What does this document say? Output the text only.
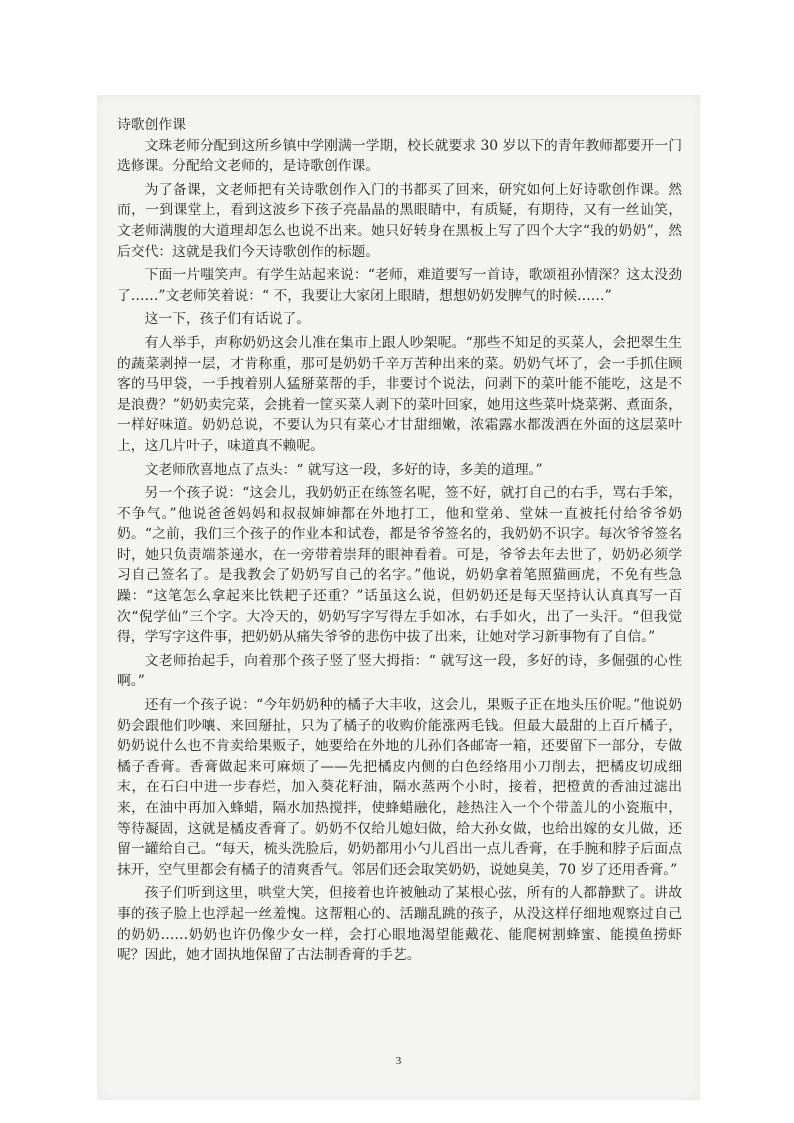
诗歌创作课

文珠老师分配到这所乡镇中学刚满一学期，校长就要求 30 岁以下的青年教师都要开一门选修课。分配给文老师的，是诗歌创作课。

为了备课，文老师把有关诗歌创作入门的书都买了回来，研究如何上好诗歌创作课。然而，一到课堂上，看到这波乡下孩子亮晶晶的黑眼睛中，有质疑，有期待，又有一丝讪笑，文老师满腹的大道理却怎么也说不出来。她只好转身在黑板上写了四个大字“我的奶奶”，然后交代：这就是我们今天诗歌创作的标题。

下面一片嗤笑声。有学生站起来说：“老师，难道要写一首诗，歌颂祖孙情深？这太没劲了……”文老师笑着说：“ 不，我要让大家闭上眼睛，想想奶奶发脾气的时候……”

这一下，孩子们有话说了。

有人举手，声称奶奶这会儿准在集市上跟人吵架呢。“那些不知足的买菜人，会把翠生生的蔬菜剥掉一层，才肯称重，那可是奶奶千辛万苦种出来的菜。奶奶气坏了，会一手抓住顾客的马甲袋，一手拽着别人猛掰菜帮的手，非要讨个说法，问剥下的菜叶能不能吃，这是不是浪费？”奶奶卖完菜，会挑着一筐买菜人剥下的菜叶回家，她用这些菜叶烧菜粥、煮面条，一样好味道。奶奶总说，不要认为只有菜心才甘甜细嫩，浓霜露水都泼洒在外面的这层菜叶上，这几片叶子，味道真不赖呢。

文老师欣喜地点了点头：“ 就写这一段，多好的诗，多美的道理。”

另一个孩子说：“这会儿，我奶奶正在练签名呢，签不好，就打自己的右手，骂右手笨，不争气。”他说爸爸妈妈和叔叔婶婶都在外地打工，他和堂弟、堂妹一直被托付给爷爷奶奶。“之前，我们三个孩子的作业本和试卷，都是爷爷签名的，我奶奶不识字。每次爷爷签名时，她只负责端茶递水，在一旁带着崇拜的眼神看着。可是，爷爷去年去世了，奶奶必须学习自己签名了。是我教会了奶奶写自己的名字。”他说，奶奶拿着笔照猫画虎，不免有些急躁：“这笔怎么拿起来比铁耙子还重？”话虽这么说，但奶奶还是每天坚持认认真真写一百次“倪学仙”三个字。大冷天的，奶奶写字写得左手如冰，右手如火，出了一头汗。“但我觉得，学写字这件事，把奶奶从痛失爷爷的悲伤中拔了出来，让她对学习新事物有了自信。”

文老师抬起手，向着那个孩子竖了竖大拇指：“ 就写这一段，多好的诗，多倔强的心性啊。”

还有一个孩子说：“今年奶奶种的橘子大丰收，这会儿，果贩子正在地头压价呢。”他说奶奶会跟他们吵嚷、来回掰扯，只为了橘子的收购价能涨两毛钱。但最大最甜的上百斤橘子，奶奶说什么也不肯卖给果贩子，她要给在外地的儿孙们各邮寄一箱，还要留下一部分，专做橘子香膏。香膏做起来可麻烦了——先把橘皮内侧的白色经络用小刀削去，把橘皮切成细末，在石臼中进一步春烂，加入葵花籽油，隔水蒸两个小时，接着，把橙黄的香油过滤出来，在油中再加入蜂蜡，隔水加热搅拌，使蜂蜡融化，趁热注入一个个带盖儿的小瓷瓶中，等待凝固，这就是橘皮香膏了。奶奶不仅给儿媳妇做，给大孙女做，也给出嫁的女儿做，还留一罐给自己。“每天，梳头洗脸后，奶奶都用小勺儿舀出一点儿香膏，在手腕和脖子后面点抹开，空气里都会有橘子的清爽香气。邻居们还会取笑奶奶，说她臭美，70 岁了还用香膏。”

孩子们听到这里，哄堂大笑，但接着也许被触动了某根心弦，所有的人都静默了。讲故事的孩子脸上也浮起一丝羞愧。这帮粗心的、活蹦乱跳的孩子，从没这样仔细地观察过自己的奶奶……奶奶也许仍像少女一样，会打心眼地渴望能戴花、能爬树割蜂蜜、能摸鱼捞虾呢？因此，她才固执地保留了古法制香膏的手艺。

3
